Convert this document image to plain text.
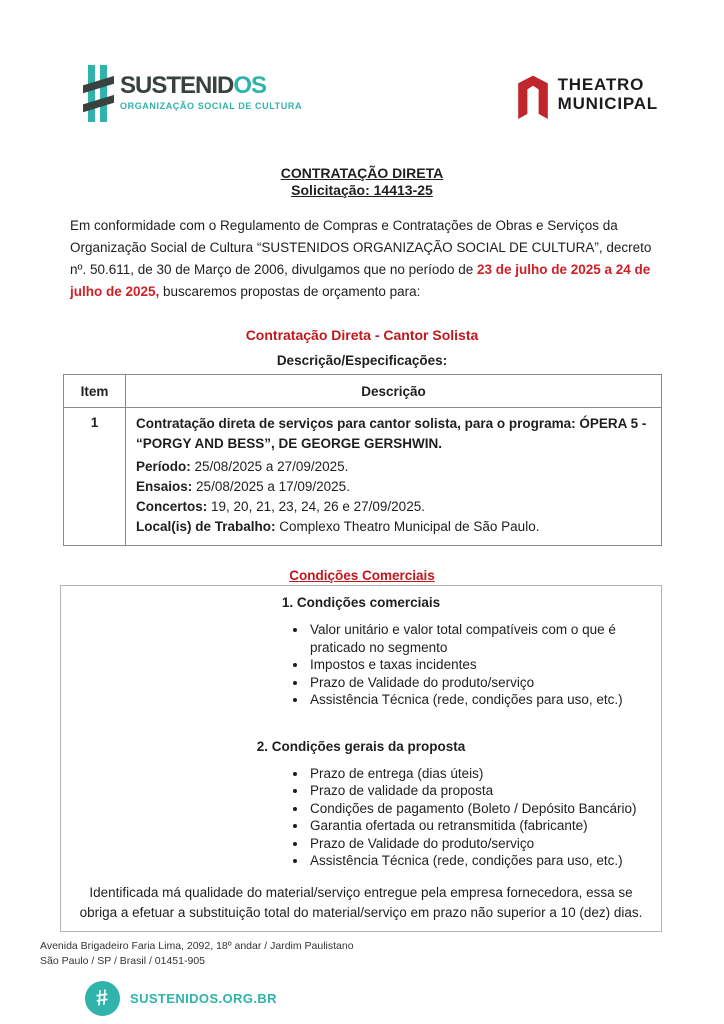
SUSTENIDOS
ORGANIZAÇÃO SOCIAL DE CULTURA
THEATRO
MUNICIPAL
CONTRATAÇÃO DIRETA
Solicitação: 14413-25

Em conformidade com o Regulamento de Compras e Contratações de Obras e Serviços da Organização Social de Cultura “SUSTENIDOS ORGANIZAÇÃO SOCIAL DE CULTURA”, decreto nº. 50.611, de 30 de Março de 2006, divulgamos que no período de 23 de julho de 2025 a 24 de julho de 2025, buscaremos propostas de orçamento para:

Contratação Direta - Cantor Solista
Descrição/Especificações:
Item	Descrição
1	Contratação direta de serviços para cantor solista, para o programa: ÓPERA 5 - “PORGY AND BESS”, DE GEORGE GERSHWIN.

Período: 25/08/2025 a 27/09/2025.

Ensaios: 25/08/2025 a 17/09/2025.

Concertos: 19, 20, 21, 23, 24, 26 e 27/09/2025.

Local(is) de Trabalho: Complexo Theatro Municipal de São Paulo.

Condições Comerciais
1. Condições comerciais
• Valor unitário e valor total compatíveis com o que é praticado no segmento
• Impostos e taxas incidentes
• Prazo de Validade do produto/serviço
• Assistência Técnica (rede, condições para uso, etc.)
2. Condições gerais da proposta
• Prazo de entrega (dias úteis)
• Prazo de validade da proposta
• Condições de pagamento (Boleto / Depósito Bancário)
• Garantia ofertada ou retransmitida (fabricante)
• Prazo de Validade do produto/serviço
• Assistência Técnica (rede, condições para uso, etc.)

Identificada má qualidade do material/serviço entregue pela empresa fornecedora, essa se obriga a efetuar a substituição total do material/serviço em prazo não superior a 10 (dez) dias.

Avenida Brigadeiro Faria Lima, 2092, 18º andar / Jardim Paulistano
São Paulo / SP / Brasil / 01451-905
# SUSTENIDOS.ORG.BR
